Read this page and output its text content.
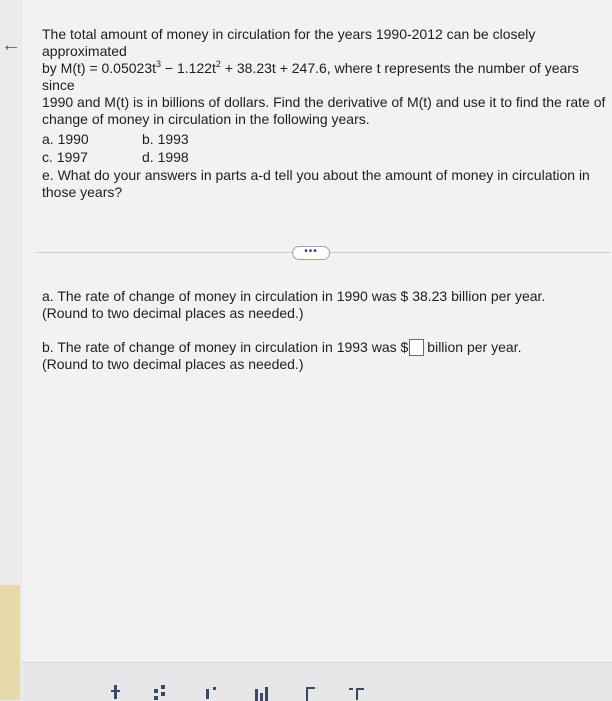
← The total amount of money in circulation for the years 1990-2012 can be closely approximated

by $M(t) = 0.05023t^3 - 1.122t^2 + 38.23t + 247.6$, where t represents the number of years since

1990 and M(t) is in billions of dollars. Find the derivative of M(t) and use it to find the rate of

change of money in circulation in the following years.

a. 1990	b. 1993
c. 1997	d. 1998
e. What do your answers in parts a-d tell you about the amount of money in circulation in
those years?
•••

a. The rate of change of money in circulation in 1990 was $ 38.23 billion per year.

(Round to two decimal places as needed.)

b. The rate of change of money in circulation in 1993 was $ billion per year.

(Round to two decimal places as needed.)
